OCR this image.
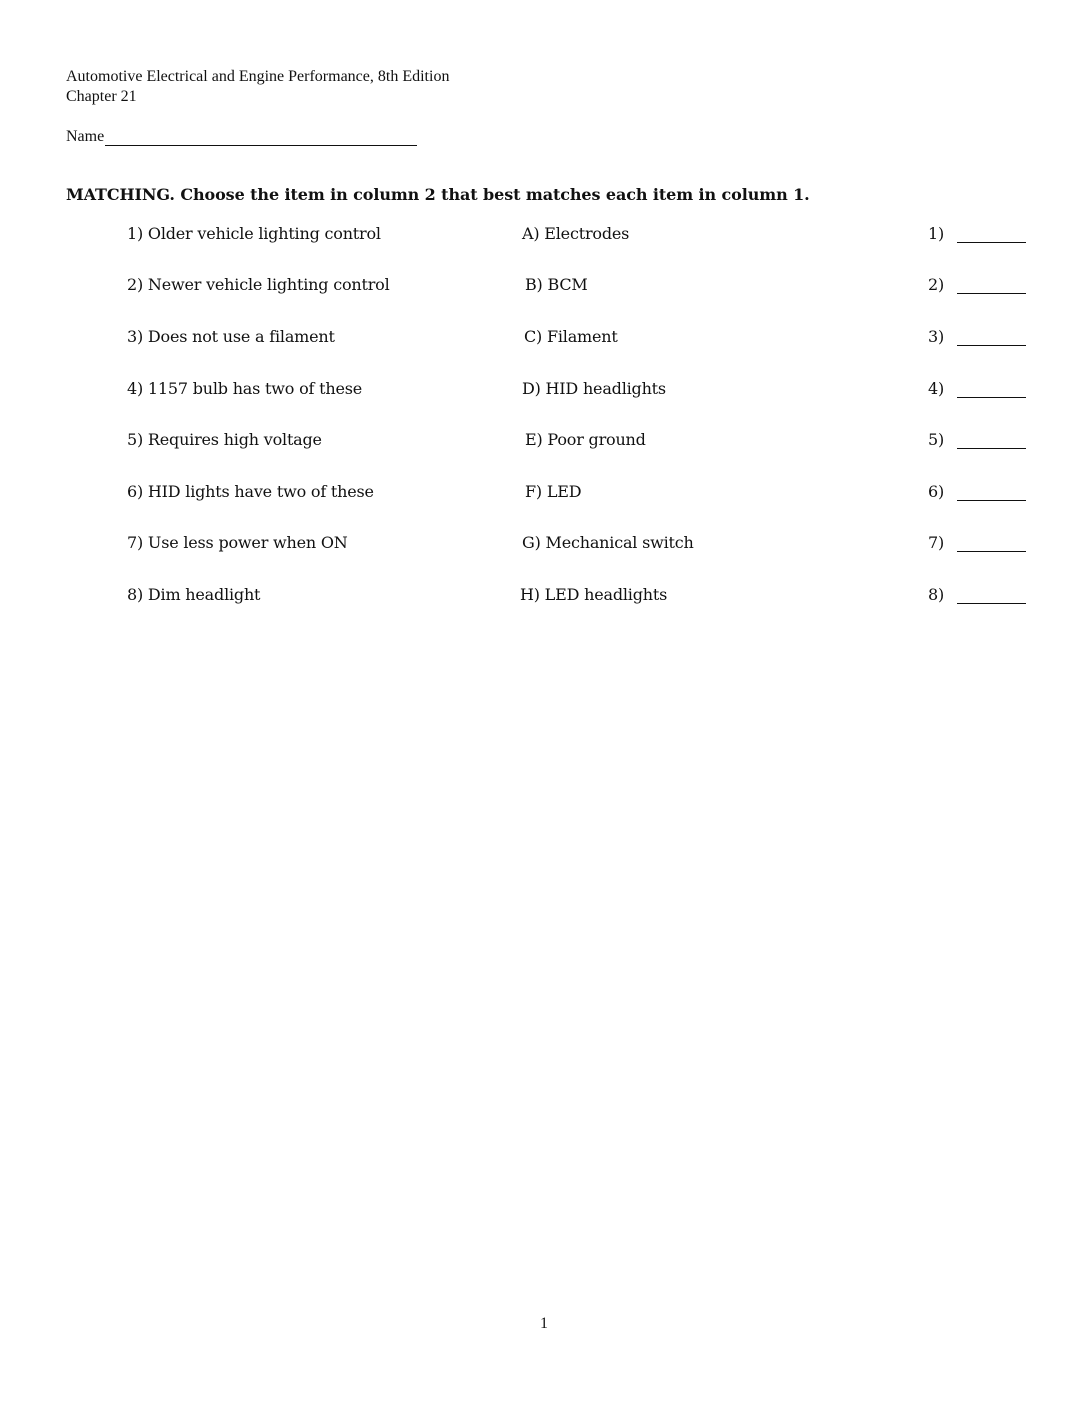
Automotive Electrical and Engine Performance, 8th Edition
Chapter 21
Name
MATCHING. Choose the item in column 2 that best matches each item in column 1.
1) Older vehicle lighting control	A) Electrodes	1)
2) Newer vehicle lighting control	B) BCM	2)
3) Does not use a filament	C) Filament	3)
4) 1157 bulb has two of these	D) HID headlights	4)
5) Requires high voltage	E) Poor ground	5)
6) HID lights have two of these	F) LED	6)
7) Use less power when ON	G) Mechanical switch	7)
8) Dim headlight	H) LED headlights	8)
1
